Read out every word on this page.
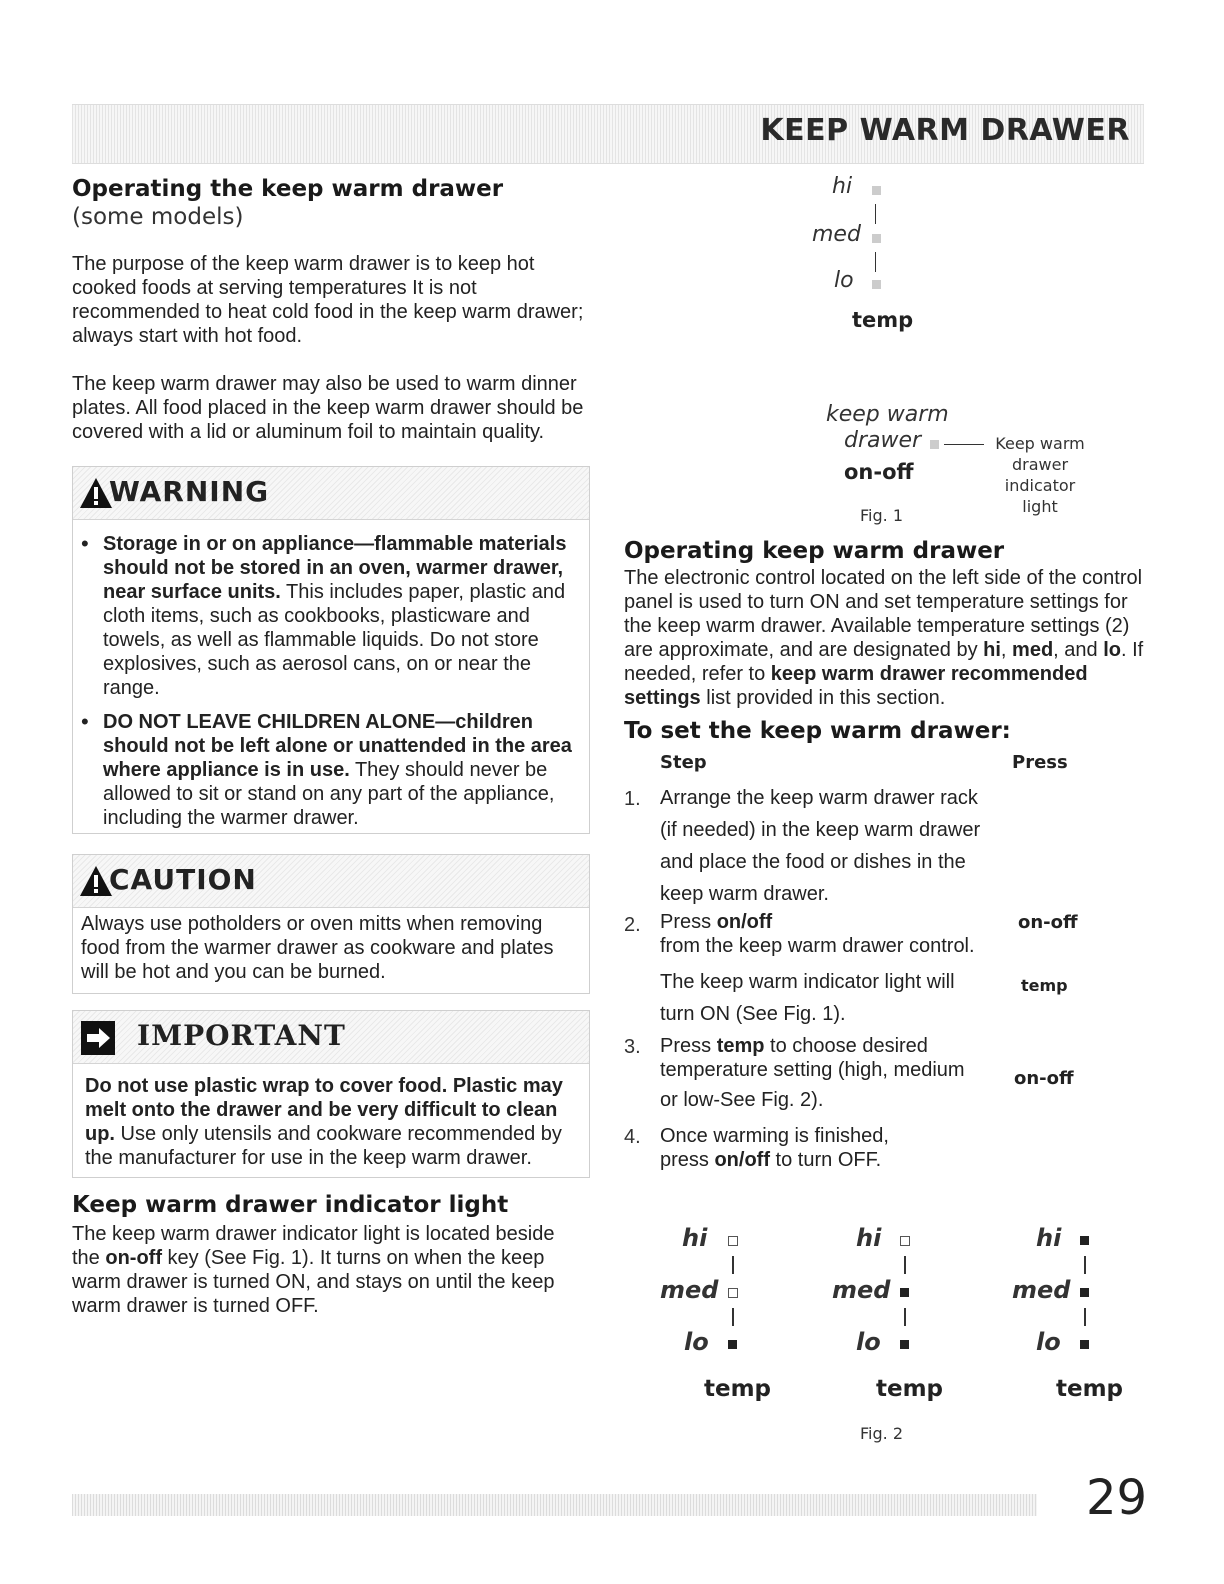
KEEP WARM DRAWER
Operating the keep warm drawer
(some models)

The purpose of the keep warm drawer is to keep hot cooked foods at serving temperatures It is not recommended to heat cold food in the keep warm drawer; always start with hot food.

The keep warm drawer may also be used to warm dinner plates. All food placed in the keep warm drawer should be covered with a lid or aluminum foil to maintain quality.

WARNING
• Storage in or on appliance—flammable materials should not be stored in an oven, warmer drawer, near surface units. This includes paper, plastic and cloth items, such as cookbooks, plasticware and towels, as well as flammable liquids. Do not store explosives, such as aerosol cans, on or near the range.
• DO NOT LEAVE CHILDREN ALONE—children should not be left alone or unattended in the area where appliance is in use. They should never be allowed to sit or stand on any part of the appliance, including the warmer drawer.
CAUTION

Always use potholders or oven mitts when removing food from the warmer drawer as cookware and plates will be hot and you can be burned.

IMPORTANT

Do not use plastic wrap to cover food. Plastic may melt onto the drawer and be very difficult to clean up. Use only utensils and cookware recommended by the manufacturer for use in the keep warm drawer.

Keep warm drawer indicator light

The keep warm drawer indicator light is located beside the on-off key (See Fig. 1). It turns on when the keep warm drawer is turned ON, and stays on until the keep warm drawer is turned OFF.

hi
med
lo
temp
keep warm
drawer
on-off
Keep warm drawer indicator light
Fig. 1
Operating keep warm drawer

The electronic control located on the left side of the control panel is used to turn ON and set temperature settings for the keep warm drawer. Available temperature settings (2) are approximate, and are designated by hi, med, and lo. If needed, refer to keep warm drawer recommended settings list provided in this section.

To set the keep warm drawer:
Step	Press
1. Arrange the keep warm drawer rack (if needed) in the keep warm drawer and place the food or dishes in the keep warm drawer.
2. Press on/off
from the keep warm drawer control.
The keep warm indicator light will turn ON (See Fig. 1).
3. Press temp to choose desired temperature setting (high, medium
or low-See Fig. 2).
4. Once warming is finished,
press on/off to turn OFF.
on-off
temp
on-off
hi
med
lo
temp
hi
med
lo
temp
hi
med
lo
temp
Fig. 2
29
